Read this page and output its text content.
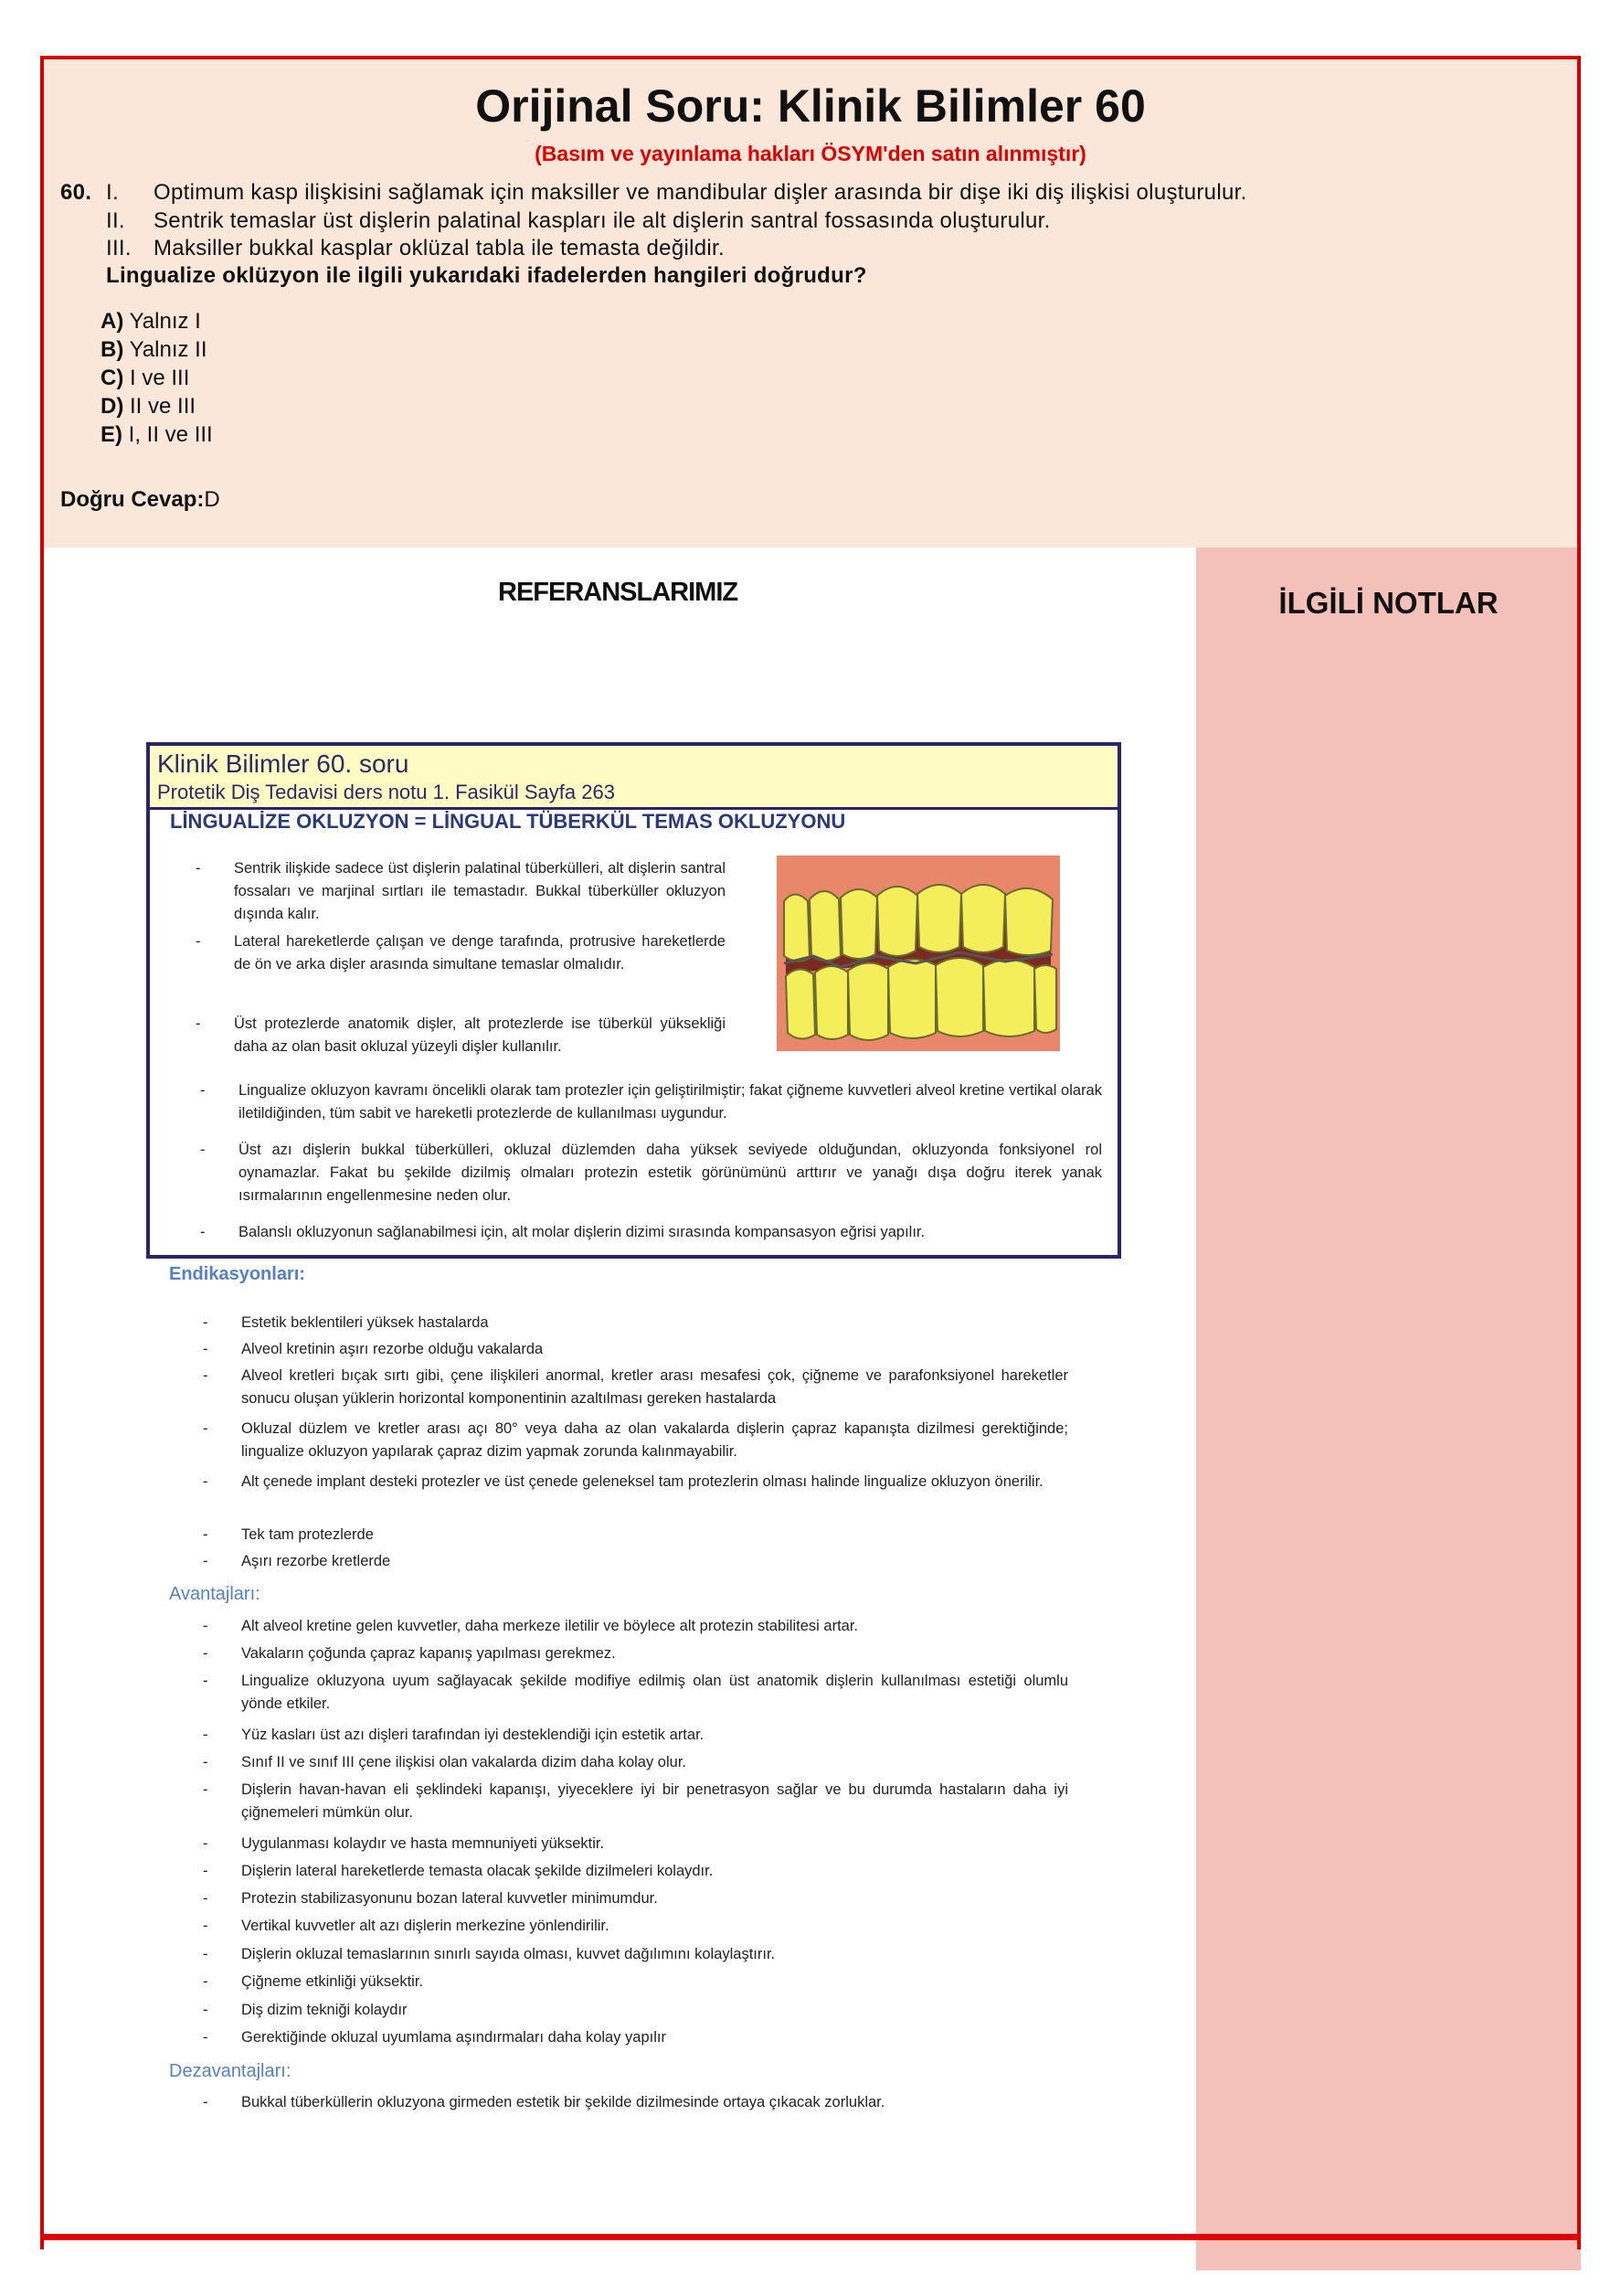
Orijinal Soru: Klinik Bilimler 60
(Basım ve yayınlama hakları ÖSYM'den satın alınmıştır)
60. I. Optimum kasp ilişkisini sağlamak için maksiller ve mandibular dişler arasında bir dişe iki diş ilişkisi oluşturulur.
II. Sentrik temaslar üst dişlerin palatinal kaspları ile alt dişlerin santral fossasında oluşturulur.
III. Maksiller bukkal kasplar oklüzal tabla ile temasta değildir.
Lingualize oklüzyon ile ilgili yukarıdaki ifadelerden hangileri doğrudur?
A) Yalnız I
B) Yalnız II
C) I ve III
D) II ve III
E) I, II ve III
Doğru Cevap:D
REFERANSLARIMIZ	İLGİLİ NOTLAR
Klinik Bilimler 60. soru
Protetik Diş Tedavisi ders notu 1. Fasikül Sayfa 263
LİNGUALİZE OKLUZYON = LİNGUAL TÜBERKÜL TEMAS OKLUZYONU
- Sentrik ilişkide sadece üst dişlerin palatinal tüberkülleri, alt dişlerin santral fossaları ve marjinal sırtları ile temastadır. Bukkal tüberküller okluzyon dışında kalır.
- Lateral hareketlerde çalışan ve denge tarafında, protrusive hareketlerde de ön ve arka dişler arasında simultane temaslar olmalıdır.
- Üst protezlerde anatomik dişler, alt protezlerde ise tüberkül yüksekliği daha az olan basit okluzal yüzeyli dişler kullanılır.
- Lingualize okluzyon kavramı öncelikli olarak tam protezler için geliştirilmiştir; fakat çiğneme kuvvetleri alveol kretine vertikal olarak iletildiğinden, tüm sabit ve hareketli protezlerde de kullanılması uygundur.
- Üst azı dişlerin bukkal tüberkülleri, okluzal düzlemden daha yüksek seviyede olduğundan, okluzyonda fonksiyonel rol oynamazlar. Fakat bu şekilde dizilmiş olmaları protezin estetik görünümünü arttırır ve yanağı dışa doğru iterek yanak ısırmalarının engellenmesine neden olur.
- Balanslı okluzyonun sağlanabilmesi için, alt molar dişlerin dizimi sırasında kompansasyon eğrisi yapılır.
Endikasyonları:
- Estetik beklentileri yüksek hastalarda
- Alveol kretinin aşırı rezorbe olduğu vakalarda
- Alveol kretleri bıçak sırtı gibi, çene ilişkileri anormal, kretler arası mesafesi çok, çiğneme ve parafonksiyonel hareketler sonucu oluşan yüklerin horizontal komponentinin azaltılması gereken hastalarda
- Okluzal düzlem ve kretler arası açı 80° veya daha az olan vakalarda dişlerin çapraz kapanışta dizilmesi gerektiğinde; lingualize okluzyon yapılarak çapraz dizim yapmak zorunda kalınmayabilir.
- Alt çenede implant desteki protezler ve üst çenede geleneksel tam protezlerin olması halinde lingualize okluzyon önerilir.
- Tek tam protezlerde
- Aşırı rezorbe kretlerde
Avantajları:
- Alt alveol kretine gelen kuvvetler, daha merkeze iletilir ve böylece alt protezin stabilitesi artar.
- Vakaların çoğunda çapraz kapanış yapılması gerekmez.
- Lingualize okluzyona uyum sağlayacak şekilde modifiye edilmiş olan üst anatomik dişlerin kullanılması estetiği olumlu yönde etkiler.
- Yüz kasları üst azı dişleri tarafından iyi desteklendiği için estetik artar.
- Sınıf II ve sınıf III çene ilişkisi olan vakalarda dizim daha kolay olur.
- Dişlerin havan-havan eli şeklindeki kapanışı, yiyeceklere iyi bir penetrasyon sağlar ve bu durumda hastaların daha iyi çiğnemeleri mümkün olur.
- Uygulanması kolaydır ve hasta memnuniyeti yüksektir.
- Dişlerin lateral hareketlerde temasta olacak şekilde dizilmeleri kolaydır.
- Protezin stabilizasyonunu bozan lateral kuvvetler minimumdur.
- Vertikal kuvvetler alt azı dişlerin merkezine yönlendirilir.
- Dişlerin okluzal temaslarının sınırlı sayıda olması, kuvvet dağılımını kolaylaştırır.
- Çiğneme etkinliği yüksektir.
- Diş dizim tekniği kolaydır
- Gerektiğinde okluzal uyumlama aşındırmaları daha kolay yapılır
Dezavantajları:
- Bukkal tüberküllerin okluzyona girmeden estetik bir şekilde dizilmesinde ortaya çıkacak zorluklar.
